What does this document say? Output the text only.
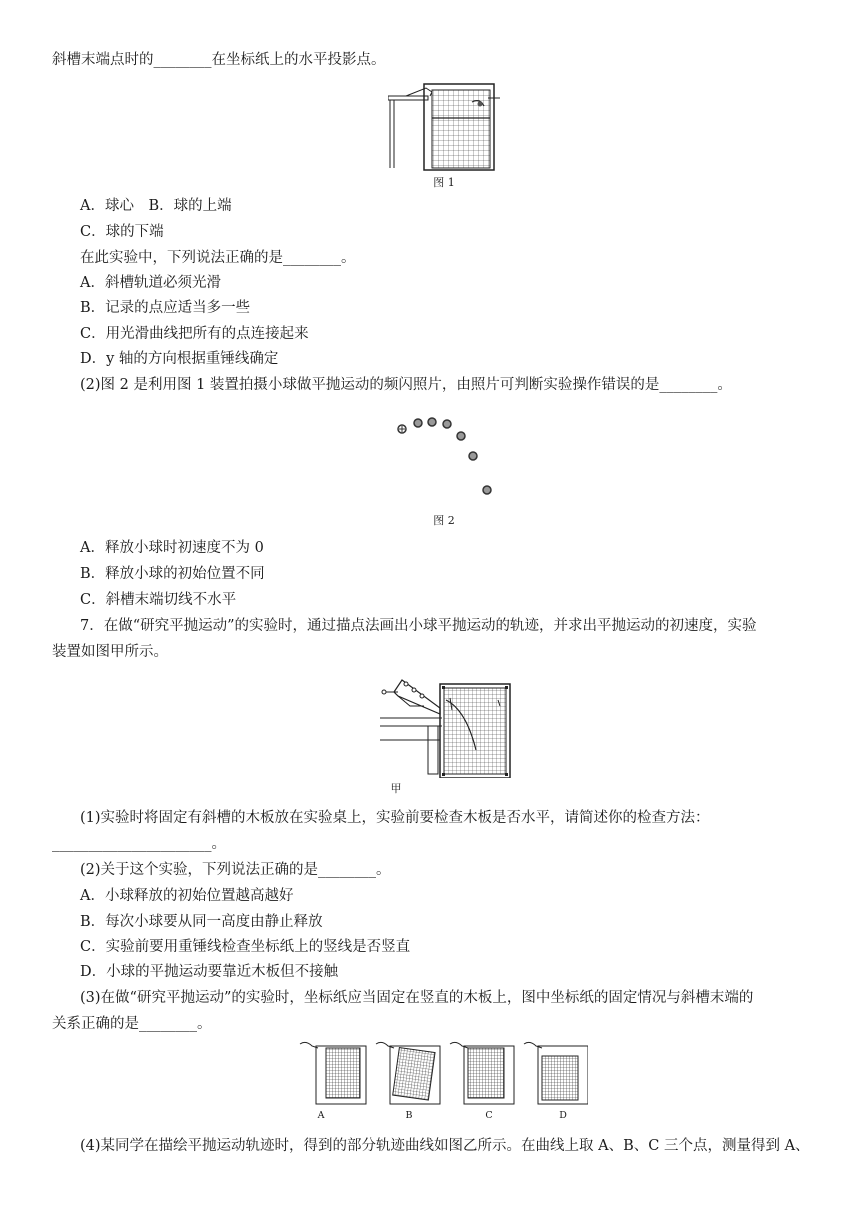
斜槽末端点时的________在坐标纸上的水平投影点。
图 1
A．球心　B．球的上端
C．球的下端
在此实验中，下列说法正确的是________。
A．斜槽轨道必须光滑
B．记录的点应适当多一些
C．用光滑曲线把所有的点连接起来
D．y 轴的方向根据重锤线确定
(2)图 2 是利用图 1 装置拍摄小球做平抛运动的频闪照片，由照片可判断实验操作错误的是________。
图 2
A．释放小球时初速度不为 0
B．释放小球的初始位置不同
C．斜槽末端切线不水平
7．在做“研究平抛运动”的实验时，通过描点法画出小球平抛运动的轨迹，并求出平抛运动的初速度，实验
装置如图甲所示。
甲
(1)实验时将固定有斜槽的木板放在实验桌上，实验前要检查木板是否水平，请简述你的检查方法：
______________________。
(2)关于这个实验，下列说法正确的是________。
A．小球释放的初始位置越高越好
B．每次小球要从同一高度由静止释放
C．实验前要用重锤线检查坐标纸上的竖线是否竖直
D．小球的平抛运动要靠近木板但不接触
(3)在做“研究平抛运动”的实验时，坐标纸应当固定在竖直的木板上，图中坐标纸的固定情况与斜槽末端的
关系正确的是________。
A	B	C	D
(4)某同学在描绘平抛运动轨迹时，得到的部分轨迹曲线如图乙所示。在曲线上取 A、B、C 三个点，测量得到 A、
